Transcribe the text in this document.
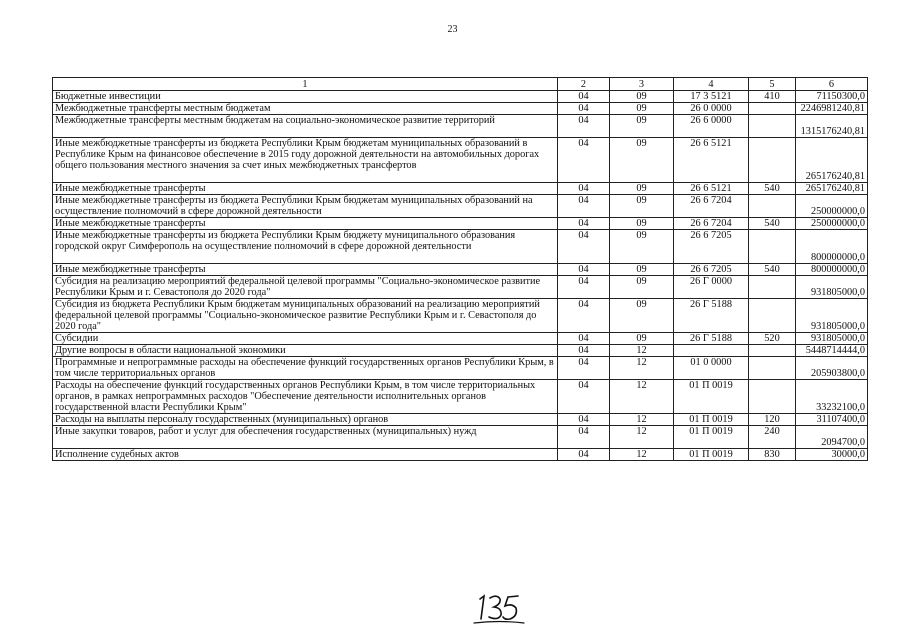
23
1	2	3	4	5	6
Бюджетные инвестиции	04	09	17 3 5121	410	71150300,0
Межбюджетные трансферты местным бюджетам	04	09	26 0 0000		2246981240,81
Межбюджетные трансферты местным бюджетам на социально-экономическое развитие территорий	04	09	26 6 0000		1315176240,81
Иные межбюджетные трансферты из бюджета Республики Крым бюджетам муниципальных образований в Республике Крым на финансовое обеспечение в 2015 году дорожной деятельности на автомобильных дорогах общего пользования местного значения за счет иных межбюджетных трансфертов	04	09	26 6 5121		265176240,81
Иные межбюджетные трансферты	04	09	26 6 5121	540	265176240,81
Иные межбюджетные трансферты из бюджета Республики Крым бюджетам муниципальных образований на осуществление полномочий в сфере дорожной деятельности	04	09	26 6 7204		250000000,0
Иные межбюджетные трансферты	04	09	26 6 7204	540	250000000,0
Иные межбюджетные трансферты из бюджета Республики Крым бюджету муниципального образования городской округ Симферополь на осуществление полномочий в сфере дорожной деятельности	04	09	26 6 7205		800000000,0
Иные межбюджетные трансферты	04	09	26 6 7205	540	800000000,0
Субсидия на реализацию мероприятий федеральной целевой программы "Социально-экономическое развитие Республики Крым и г. Севастополя до 2020 года"	04	09	26 Г 0000		931805000,0
Субсидия из бюджета Республики Крым бюджетам муниципальных образований на реализацию мероприятий федеральной целевой программы "Социально-экономическое развитие Республики Крым и г. Севастополя до 2020 года"	04	09	26 Г 5188		931805000,0
Субсидии	04	09	26 Г 5188	520	931805000,0
Другие вопросы в области национальной экономики	04	12			5448714444,0
Программные и непрограммные расходы на обеспечение функций государственных органов Республики Крым, в том числе территориальных органов	04	12	01 0 0000		205903800,0
Расходы на обеспечение функций государственных органов Республики Крым, в том числе территориальных органов, в рамках непрограммных расходов "Обеспечение деятельности исполнительных органов государственной власти Республики Крым"	04	12	01 П 0019		33232100,0
Расходы на выплаты персоналу государственных (муниципальных) органов	04	12	01 П 0019	120	31107400,0
Иные закупки товаров, работ и услуг для обеспечения государственных (муниципальных) нужд	04	12	01 П 0019	240	2094700,0
Исполнение судебных актов	04	12	01 П 0019	830	30000,0
